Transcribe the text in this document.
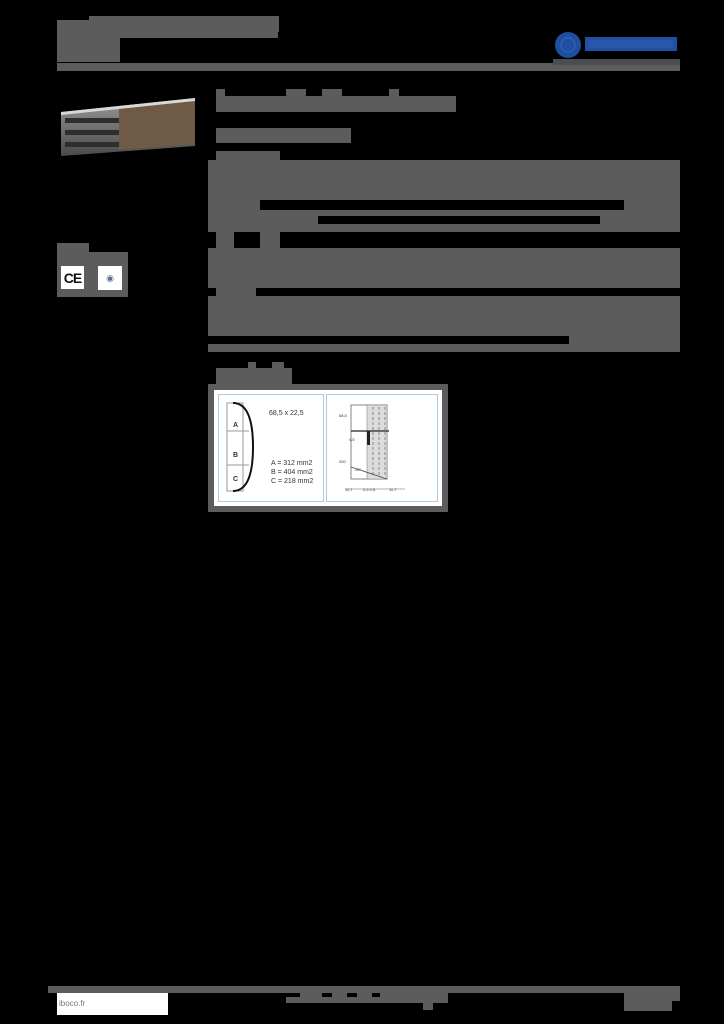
CE	◉
A
B
C
68,5 x 22,5
A = 312 mm2
B = 404 mm2
C = 218 mm2
68,5
4,5
200
25°
11,7	2,5 2,5	11,7
iboco.fr
